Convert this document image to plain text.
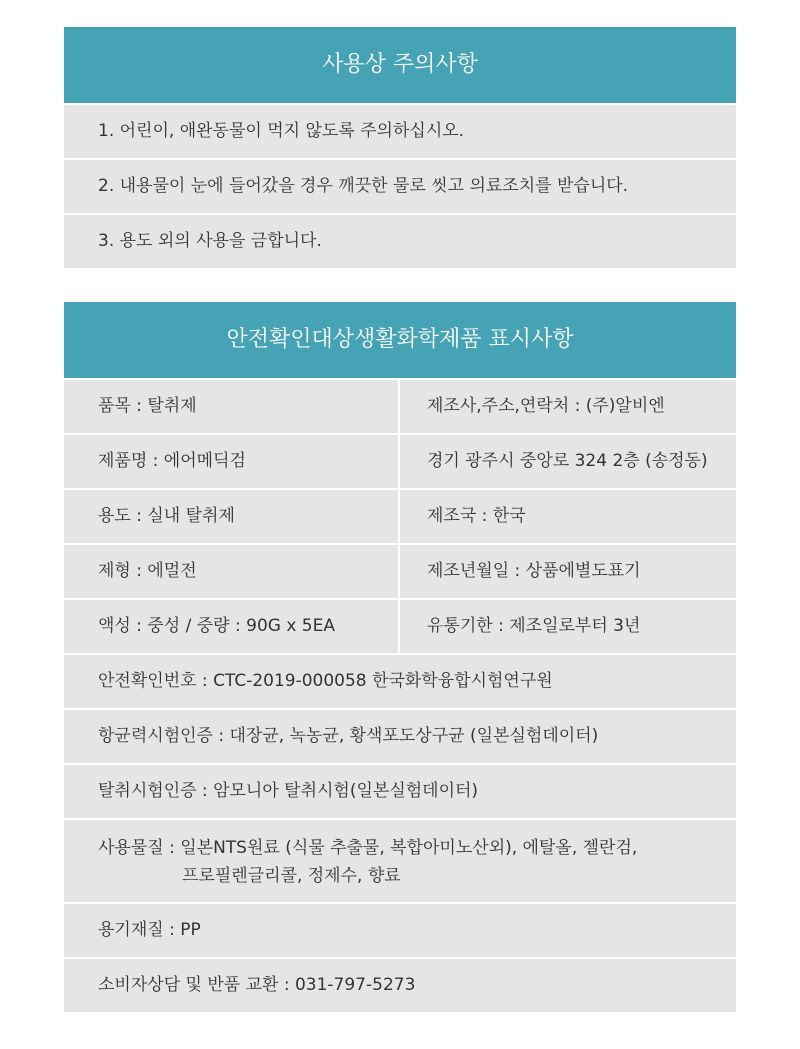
사용상 주의사항
1. 어린이, 애완동물이 먹지 않도록 주의하십시오.
2. 내용물이 눈에 들어갔을 경우 깨끗한 물로 씻고 의료조치를 받습니다.
3. 용도 외의 사용을 금합니다.
안전확인대상생활화학제품 표시사항
품목 : 탈취제	제조사,주소,연락처 : (주)알비엔
제품명 : 에어메딕검	경기 광주시 중앙로 324 2층 (송정동)
용도 : 실내 탈취제	제조국 : 한국
제형 : 에멀전	제조년월일 : 상품에별도표기
액성 : 중성 / 중량 : 90G x 5EA	유통기한 : 제조일로부터 3년
안전확인번호 : CTC-2019-000058 한국화학융합시험연구원
항균력시험인증 : 대장균, 녹농균, 황색포도상구균 (일본실험데이터)
탈취시험인증 : 암모니아 탈취시험(일본실험데이터)
사용물질 : 일본NTS원료 (식물 추출물, 복합아미노산외), 에탈올, 젤란검,
프로필렌글리콜, 정제수, 향료
용기재질 : PP
소비자상담 및 반품 교환 : 031-797-5273
